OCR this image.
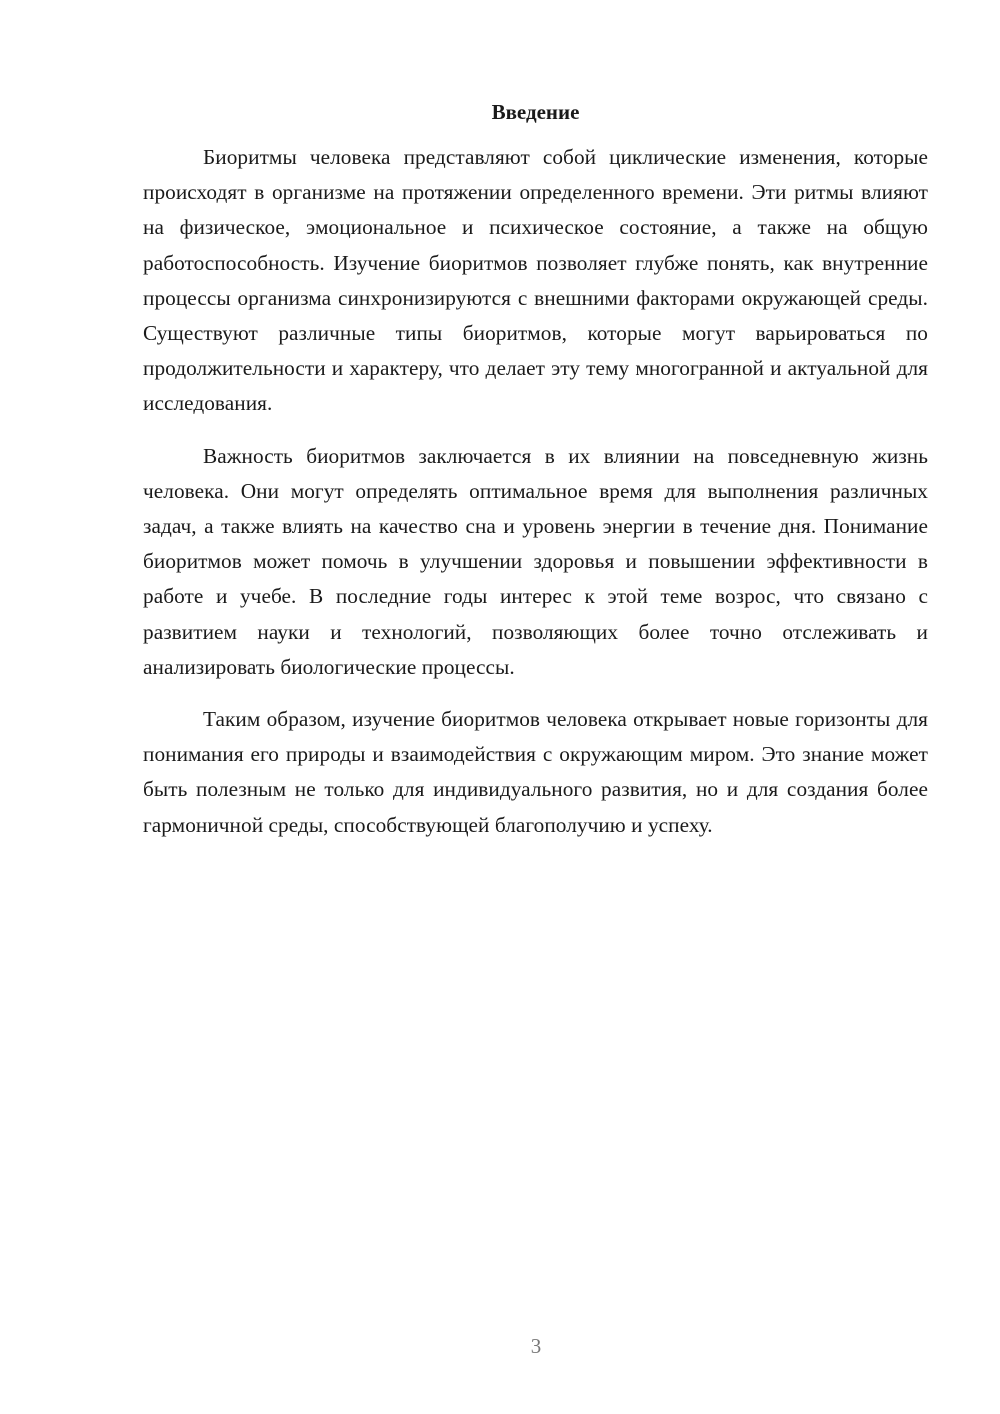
Введение

Биоритмы человека представляют собой циклические изменения, которые происходят в организме на протяжении определенного времени. Эти ритмы влияют на физическое, эмоциональное и психическое состояние, а также на общую работоспособность. Изучение биоритмов позволяет глубже понять, как внутренние процессы организма синхронизируются с внешними факторами окружающей среды. Существуют различные типы биоритмов, которые могут варьироваться по продолжительности и характеру, что делает эту тему многогранной и актуальной для исследования.

Важность биоритмов заключается в их влиянии на повседневную жизнь человека. Они могут определять оптимальное время для выполнения различных задач, а также влиять на качество сна и уровень энергии в течение дня. Понимание биоритмов может помочь в улучшении здоровья и повышении эффективности в работе и учебе. В последние годы интерес к этой теме возрос, что связано с развитием науки и технологий, позволяющих более точно отслеживать и анализировать биологические процессы.

Таким образом, изучение биоритмов человека открывает новые горизонты для понимания его природы и взаимодействия с окружающим миром. Это знание может быть полезным не только для индивидуального развития, но и для создания более гармоничной среды, способствующей благополучию и успеху.

3
